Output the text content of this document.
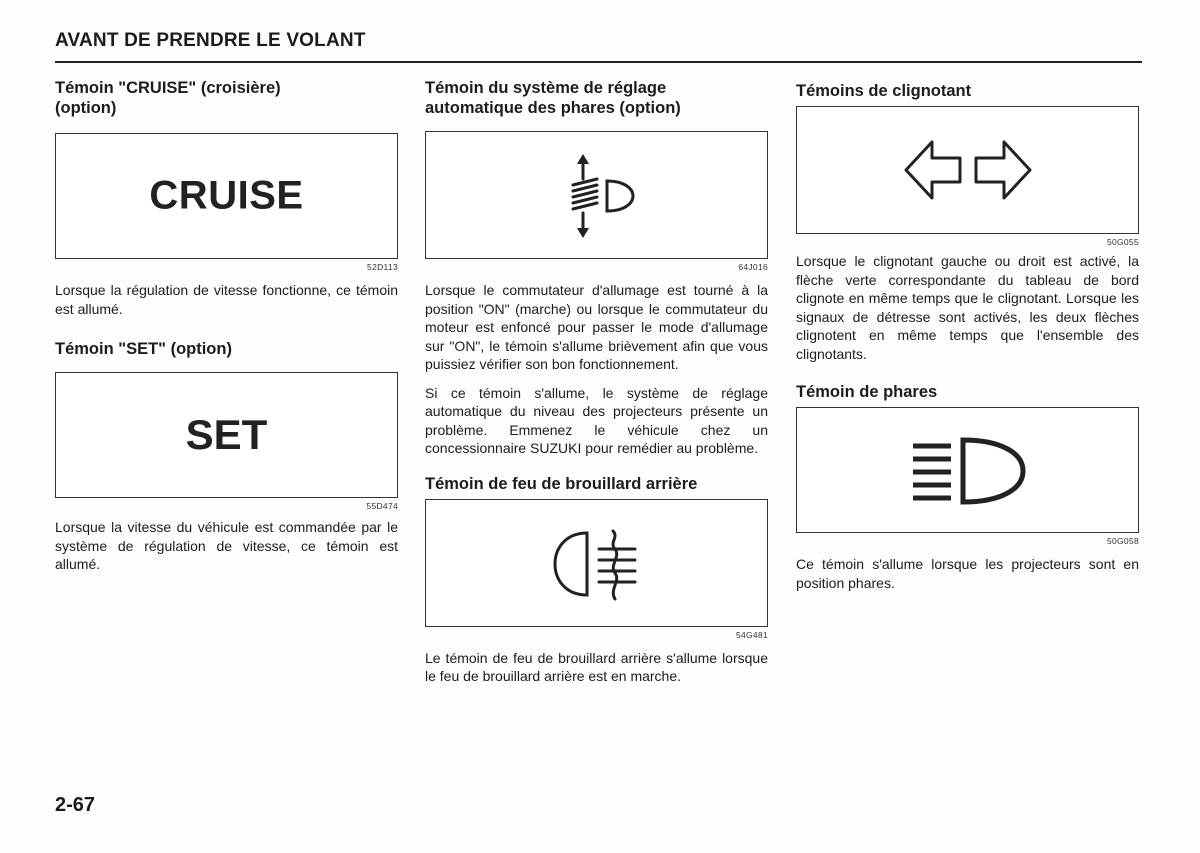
AVANT DE PRENDRE LE VOLANT
Témoin "CRUISE" (croisière) (option)
CRUISE
52D113

Lorsque la régulation de vitesse fonctionne, ce témoin est allumé.

Témoin "SET" (option)
SET
55D474

Lorsque la vitesse du véhicule est commandée par le système de régulation de vitesse, ce témoin est allumé.

Témoin du système de réglage automatique des phares (option)
64J016

Lorsque le commutateur d'allumage est tourné à la position "ON" (marche) ou lorsque le commutateur du moteur est enfoncé pour passer le mode d'allumage sur "ON", le témoin s'allume brièvement afin que vous puissiez vérifier son bon fonctionnement.

Si ce témoin s'allume, le système de réglage automatique du niveau des projecteurs présente un problème. Emmenez le véhicule chez un concessionnaire SUZUKI pour remédier au problème.

Témoin de feu de brouillard arrière
54G481

Le témoin de feu de brouillard arrière s'allume lorsque le feu de brouillard arrière est en marche.

Témoins de clignotant
50G055

Lorsque le clignotant gauche ou droit est activé, la flèche verte correspondante du tableau de bord clignote en même temps que le clignotant. Lorsque les signaux de détresse sont activés, les deux flèches clignotent en même temps que l'ensemble des clignotants.

Témoin de phares
50G058

Ce témoin s'allume lorsque les projecteurs sont en position phares.

2-67
